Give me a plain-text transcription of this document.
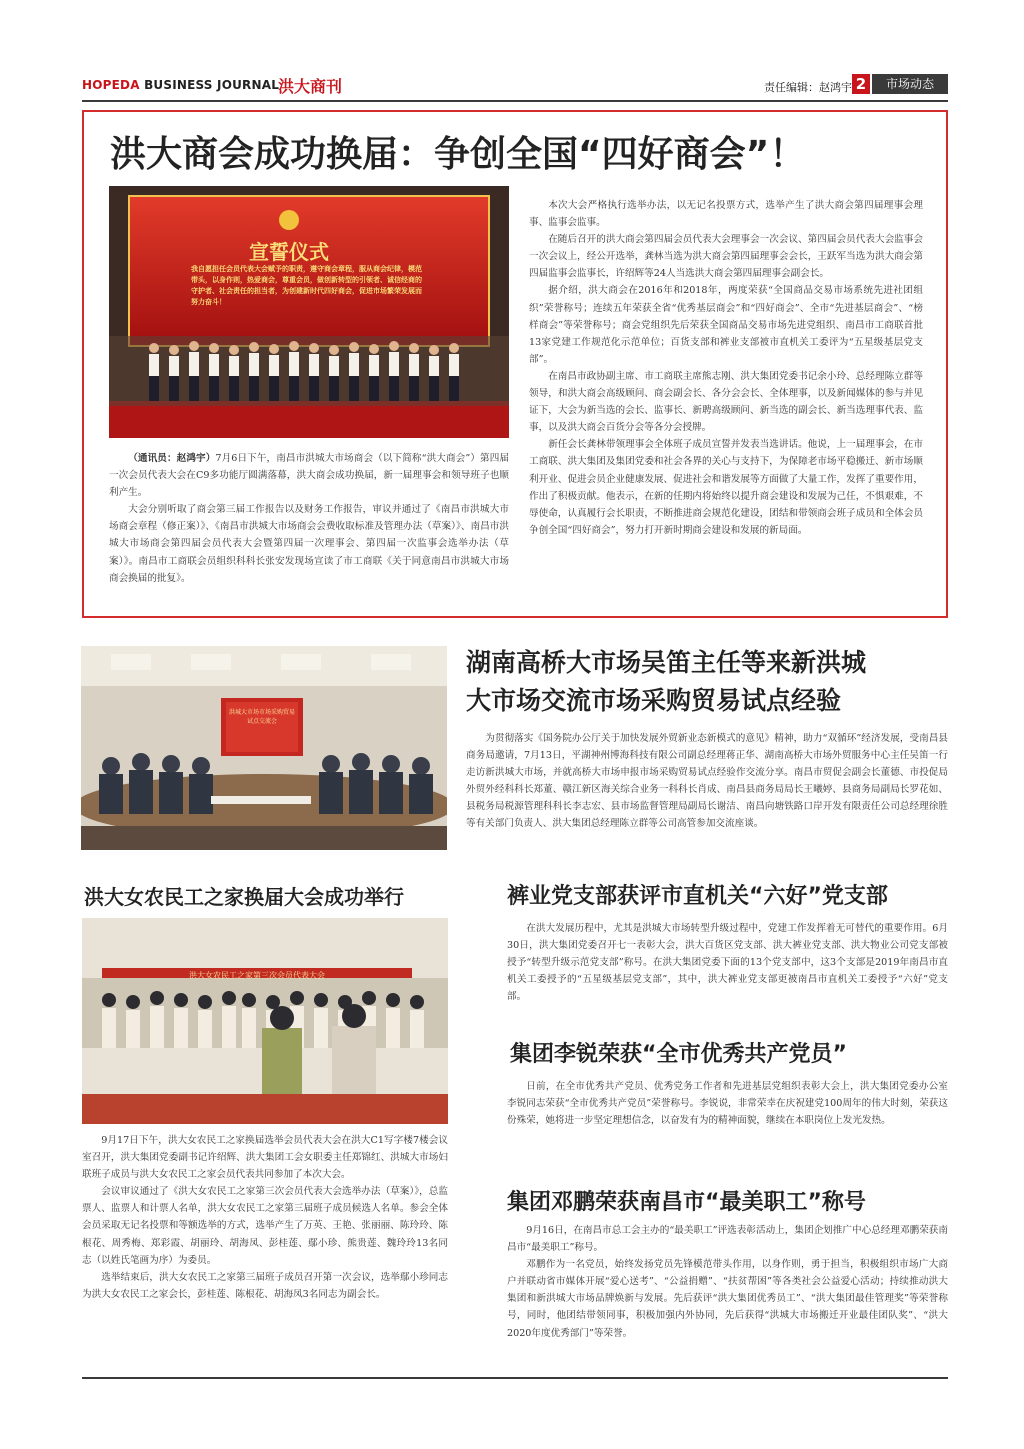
HOPEDA BUSINESS JOURNAL
洪大商刊	责任编辑：赵鸿宇 2	市场动态
洪大商会成功换届：争创全国“四好商会”！
宣誓仪式
我自愿担任会员代表大会赋予的职责，遵守商会章程，服从商会纪律，模范带头，以身作则，热爱商会，尊重会员，做创新转型的引领者、诚信经商的守护者、社会责任的担当者，为创建新时代四好商会，促进市场繁荣发展而努力奋斗！

（通讯员：赵鸿宇）7月6日下午，南昌市洪城大市场商会（以下简称“洪大商会”）第四届一次会员代表大会在C9多功能厅圆满落幕，洪大商会成功换届，新一届理事会和领导班子也顺利产生。

大会分别听取了商会第三届工作报告以及财务工作报告，审议并通过了《南昌市洪城大市场商会章程（修正案）》、《南昌市洪城大市场商会会费收取标准及管理办法（草案）》、南昌市洪城大市场商会第四届会员代表大会暨第四届一次理事会、第四届一次监事会选举办法（草案）》。南昌市工商联会员组织科科长张安发现场宣读了市工商联《关于同意南昌市洪城大市场商会换届的批复》。

本次大会严格执行选举办法，以无记名投票方式，选举产生了洪大商会第四届理事会理事、监事会监事。

在随后召开的洪大商会第四届会员代表大会理事会一次会议、第四届会员代表大会监事会一次会议上，经公开选举，龚林当选为洪大商会第四届理事会会长，王跃军当选为洪大商会第四届监事会监事长，许绍辉等24人当选洪大商会第四届理事会副会长。

据介绍，洪大商会在2016年和2018年，两度荣获“全国商品交易市场系统先进社团组织”荣誉称号；连续五年荣获全省“优秀基层商会”和“四好商会”、全市“先进基层商会”、“榜样商会”等荣誉称号；商会党组织先后荣获全国商品交易市场先进党组织、南昌市工商联首批13家党建工作规范化示范单位；百货支部和裤业支部被市直机关工委评为“五星级基层党支部”。

在南昌市政协副主席、市工商联主席熊志刚、洪大集团党委书记余小玲、总经理陈立群等领导，和洪大商会高级顾问、商会副会长、各分会会长、全体理事，以及新闻媒体的参与并见证下，大会为新当选的会长、监事长、新聘高级顾问、新当选的副会长、新当选理事代表、监事，以及洪大商会百货分会等各分会授牌。

新任会长龚林带领理事会全体班子成员宣誓并发表当选讲话。他说，上一届理事会，在市工商联、洪大集团及集团党委和社会各界的关心与支持下，为保障老市场平稳搬迁、新市场顺利开业、促进会员企业健康发展、促进社会和谐发展等方面做了大量工作，发挥了重要作用，作出了积极贡献。他表示，在新的任期内将始终以提升商会建设和发展为己任，不惧艰难，不辱使命，认真履行会长职责，不断推进商会规范化建设，团结和带领商会班子成员和全体会员争创全国“四好商会”，努力打开新时期商会建设和发展的新局面。

洪城大市场市场采购贸易试点交流会
湖南高桥大市场吴笛主任等来新洪城
大市场交流市场采购贸易试点经验

为贯彻落实《国务院办公厅关于加快发展外贸新业态新模式的意见》精神，助力“双循环”经济发展，受南昌县商务局邀请，7月13日，平湖神州博海科技有限公司副总经理蒋正华、湖南高桥大市场外贸服务中心主任吴笛一行走访新洪城大市场，并就高桥大市场申报市场采购贸易试点经验作交流分享。南昌市贸促会副会长董德、市投促局外贸外经科科长郑董、赣江新区海关综合业务一科科长肖成、南昌县商务局局长王曦婷、县商务局副局长罗花如、县税务局税源管理科科长李志宏、县市场监督管理局副局长谢洁、南昌向塘铁路口岸开发有限责任公司总经理徐胜等有关部门负责人、洪大集团总经理陈立群等公司高管参加交流座谈。

洪大女农民工之家换届大会成功举行
洪大女农民工之家第三次会员代表大会

9月17日下午，洪大女农民工之家换届选举会员代表大会在洪大C1写字楼7楼会议室召开，洪大集团党委副书记许绍辉、洪大集团工会女职委主任郑锦红、洪城大市场妇联班子成员与洪大女农民工之家会员代表共同参加了本次大会。

会议审议通过了《洪大女农民工之家第三次会员代表大会选举办法（草案）》，总监票人、监票人和计票人名单，洪大女农民工之家第三届班子成员候选人名单。参会全体会员采取无记名投票和等额选举的方式，选举产生了万英、王艳、张丽丽、陈玲玲、陈根花、周秀梅、郑彩霞、胡丽玲、胡海凤、彭桂莲、鄢小珍、熊贵莲、魏玲玲13名同志（以姓氏笔画为序）为委员。

选举结束后，洪大女农民工之家第三届班子成员召开第一次会议，选举鄢小珍同志为洪大女农民工之家会长，彭桂莲、陈根花、胡海凤3名同志为副会长。

裤业党支部获评市直机关“六好”党支部

在洪大发展历程中，尤其是洪城大市场转型升级过程中，党建工作发挥着无可替代的重要作用。6月30日，洪大集团党委召开七一表彰大会，洪大百货区党支部、洪大裤业党支部、洪大物业公司党支部被授予“转型升级示范党支部”称号。在洪大集团党委下面的13个党支部中，这3个支部是2019年南昌市直机关工委授予的“五星级基层党支部”，其中，洪大裤业党支部更被南昌市直机关工委授予“六好”党支部。

集团李锐荣获“全市优秀共产党员”

日前，在全市优秀共产党员、优秀党务工作者和先进基层党组织表彰大会上，洪大集团党委办公室李锐同志荣获“全市优秀共产党员”荣誉称号。李锐说，非常荣幸在庆祝建党100周年的伟大时刻，荣获这份殊荣，她将进一步坚定理想信念，以奋发有为的精神面貌，继续在本职岗位上发光发热。

集团邓鹏荣获南昌市“最美职工”称号

9月16日，在南昌市总工会主办的“最美职工”评选表彰活动上，集团企划推广中心总经理邓鹏荣获南昌市“最美职工”称号。

邓鹏作为一名党员，始终发扬党员先锋模范带头作用，以身作则，勇于担当，积极组织市场广大商户并联动省市媒体开展“爱心送考”、“公益捐赠”、“扶贫帮困”等各类社会公益爱心活动；持续推动洪大集团和新洪城大市场品牌焕新与发展。先后获评“洪大集团优秀员工”、“洪大集团最佳管理奖”等荣誉称号，同时，他团结带领同事，积极加强内外协同，先后获得“洪城大市场搬迁开业最佳团队奖”、“洪大2020年度优秀部门”等荣誉。
